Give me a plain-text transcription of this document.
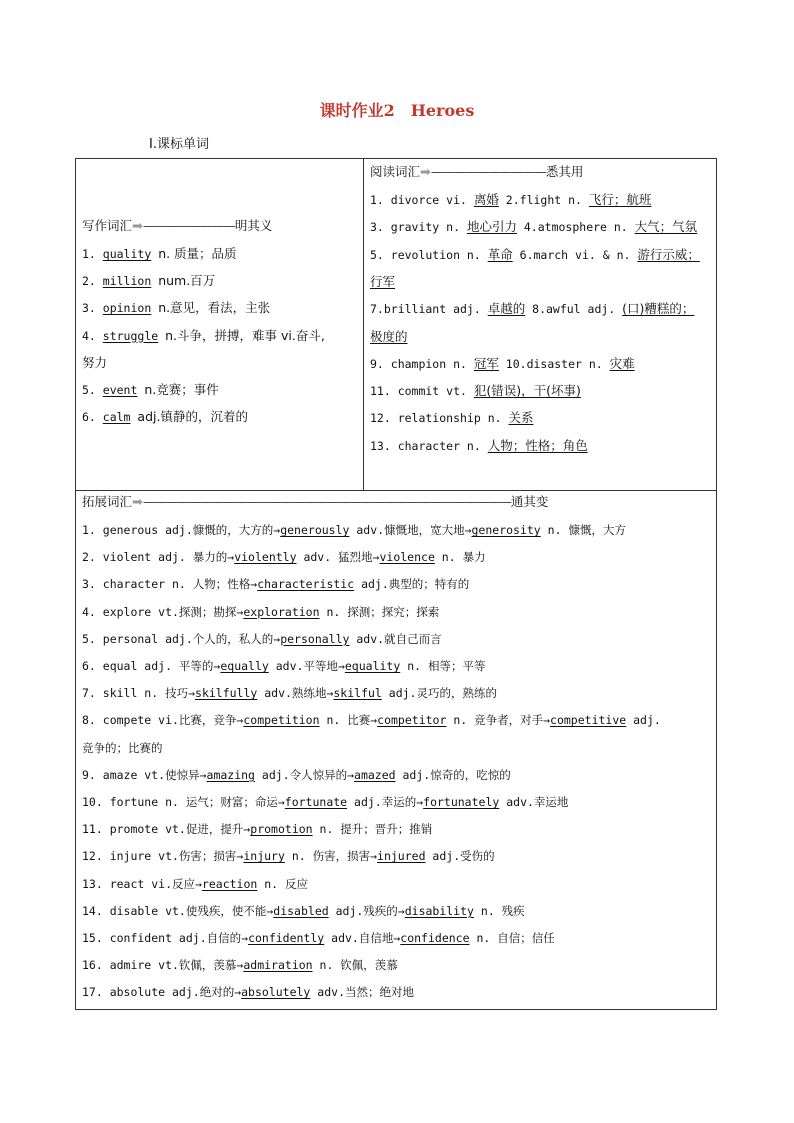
课时作业2　Heroes
Ⅰ.课标单词
写作词汇➡————————明其义
1. quality n. 质量；品质
2. million num.百万
3. opinion n.意见，看法，主张
4. struggle n.斗争，拼搏，难事 vi.奋斗,
努力
5. event n.竞赛；事件
6. calm adj.镇静的，沉着的
阅读词汇➡——————————悉其用
1. divorce vi. 离婚 2.flight n. 飞行；航班
3. gravity n. 地心引力 4.atmosphere n. 大气；气氛
5. revolution n. 革命 6.march vi. & n. 游行示威；
行军
7.brilliant adj. 卓越的 8.awful adj. (口)糟糕的；
极度的
9. champion n. 冠军 10.disaster n. 灾难
11. commit vt. 犯(错误)，干(坏事)
12. relationship n. 关系
13. character n. 人物；性格；角色
拓展词汇➡————————————————————————————————通其变
1. generous adj.慷慨的，大方的→generously adv.慷慨地，宽大地→generosity n. 慷慨，大方
2. violent adj. 暴力的→violently adv. 猛烈地→violence n. 暴力
3. character n. 人物；性格→characteristic adj.典型的；特有的
4. explore vt.探测；勘探→exploration n. 探测；探究；探索
5. personal adj.个人的，私人的→personally adv.就自己而言
6. equal adj. 平等的→equally adv.平等地→equality n. 相等；平等
7. skill n. 技巧→skilfully adv.熟练地→skilful adj.灵巧的，熟练的
8. compete vi.比赛，竞争→competition n. 比赛→competitor n. 竞争者，对手→competitive adj.
竞争的；比赛的
9. amaze vt.使惊异→amazing adj.令人惊异的→amazed adj.惊奇的，吃惊的
10. fortune n. 运气；财富；命运→fortunate adj.幸运的→fortunately adv.幸运地
11. promote vt.促进，提升→promotion n. 提升；晋升；推销
12. injure vt.伤害；损害→injury n. 伤害，损害→injured adj.受伤的
13. react vi.反应→reaction n. 反应
14. disable vt.使残疾，使不能→disabled adj.残疾的→disability n. 残疾
15. confident adj.自信的→confidently adv.自信地→confidence n. 自信；信任
16. admire vt.钦佩，羡慕→admiration n. 钦佩，羡慕
17. absolute adj.绝对的→absolutely adv.当然；绝对地
